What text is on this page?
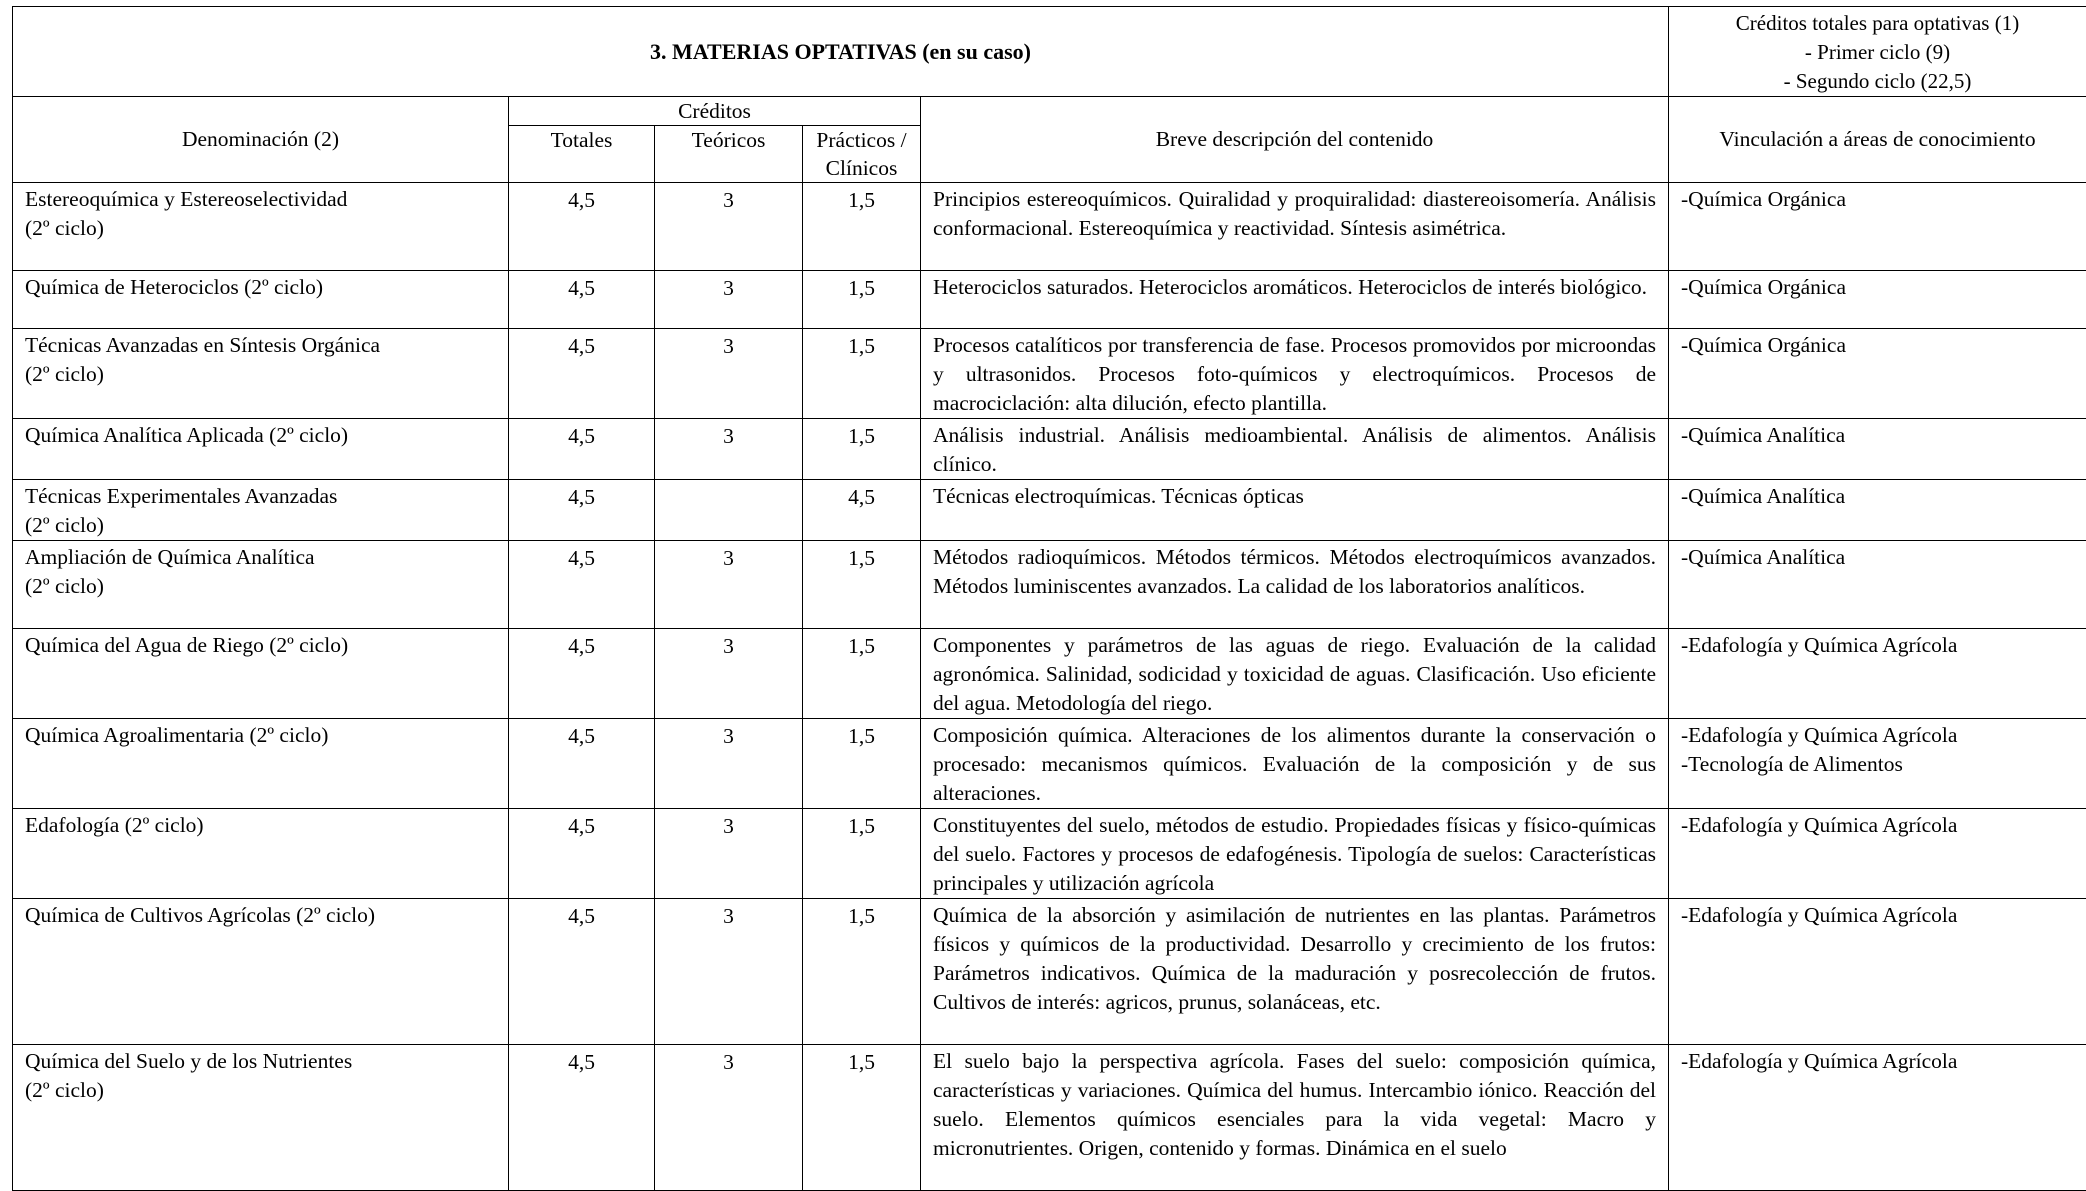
3. MATERIAS OPTATIVAS (en su caso)					Créditos totales para optativas (1)
- Primer ciclo (9)
- Segundo ciclo (22,5)

Denominación (2)	Créditos			Breve descripción del contenido	Vinculación a áreas de conocimiento
	Totales	Teóricos	Prácticos /
Clínicos		

Estereoquímica y Estereoselectividad
(2º ciclo)	4,5	3	1,5	Principios estereoquímicos. Quiralidad y proquiralidad: diastereoisomería. Análisis conformacional. Estereoquímica y reactividad. Síntesis asimétrica.	-Química Orgánica

Química de Heterociclos (2º ciclo)	4,5	3	1,5	Heterociclos saturados. Heterociclos aromáticos. Heterociclos de interés biológico.	-Química Orgánica

Técnicas Avanzadas en Síntesis Orgánica
(2º ciclo)	4,5	3	1,5	Procesos catalíticos por transferencia de fase. Procesos promovidos por microondas y ultrasonidos. Procesos foto-químicos y electroquímicos. Procesos de macrociclación: alta dilución, efecto plantilla.	-Química Orgánica

Química Analítica Aplicada (2º ciclo)	4,5	3	1,5	Análisis industrial. Análisis medioambiental. Análisis de alimentos. Análisis clínico.	-Química Analítica

Técnicas Experimentales Avanzadas
(2º ciclo)	4,5		4,5	Técnicas electroquímicas. Técnicas ópticas	-Química Analítica

Ampliación de Química Analítica
(2º ciclo)	4,5	3	1,5	Métodos radioquímicos. Métodos térmicos. Métodos electroquímicos avanzados. Métodos luminiscentes avanzados. La calidad de los laboratorios analíticos.	-Química Analítica

Química del Agua de Riego (2º ciclo)	4,5	3	1,5	Componentes y parámetros de las aguas de riego. Evaluación de la calidad agronómica. Salinidad, sodicidad y toxicidad de aguas. Clasificación. Uso eficiente del agua. Metodología del riego.	-Edafología y Química Agrícola

Química Agroalimentaria (2º ciclo)	4,5	3	1,5	Composición química. Alteraciones de los alimentos durante la conservación o procesado: mecanismos químicos. Evaluación de la composición y de sus alteraciones.	-Edafología y Química Agrícola
-Tecnología de Alimentos

Edafología (2º ciclo)	4,5	3	1,5	Constituyentes del suelo, métodos de estudio. Propiedades físicas y físico-químicas del suelo. Factores y procesos de edafogénesis. Tipología de suelos: Características principales y utilización agrícola	-Edafología y Química Agrícola

Química de Cultivos Agrícolas (2º ciclo)	4,5	3	1,5	Química de la absorción y asimilación de nutrientes en las plantas. Parámetros físicos y químicos de la productividad. Desarrollo y crecimiento de los frutos: Parámetros indicativos. Química de la maduración y posrecolección de frutos. Cultivos de interés: agricos, prunus, solanáceas, etc.	-Edafología y Química Agrícola

Química del Suelo y de los Nutrientes
(2º ciclo)	4,5	3	1,5	El suelo bajo la perspectiva agrícola. Fases del suelo: composición química, características y variaciones. Química del humus. Intercambio iónico. Reacción del suelo. Elementos químicos esenciales para la vida vegetal: Macro y micronutrientes. Origen, contenido y formas. Dinámica en el suelo	-Edafología y Química Agrícola
